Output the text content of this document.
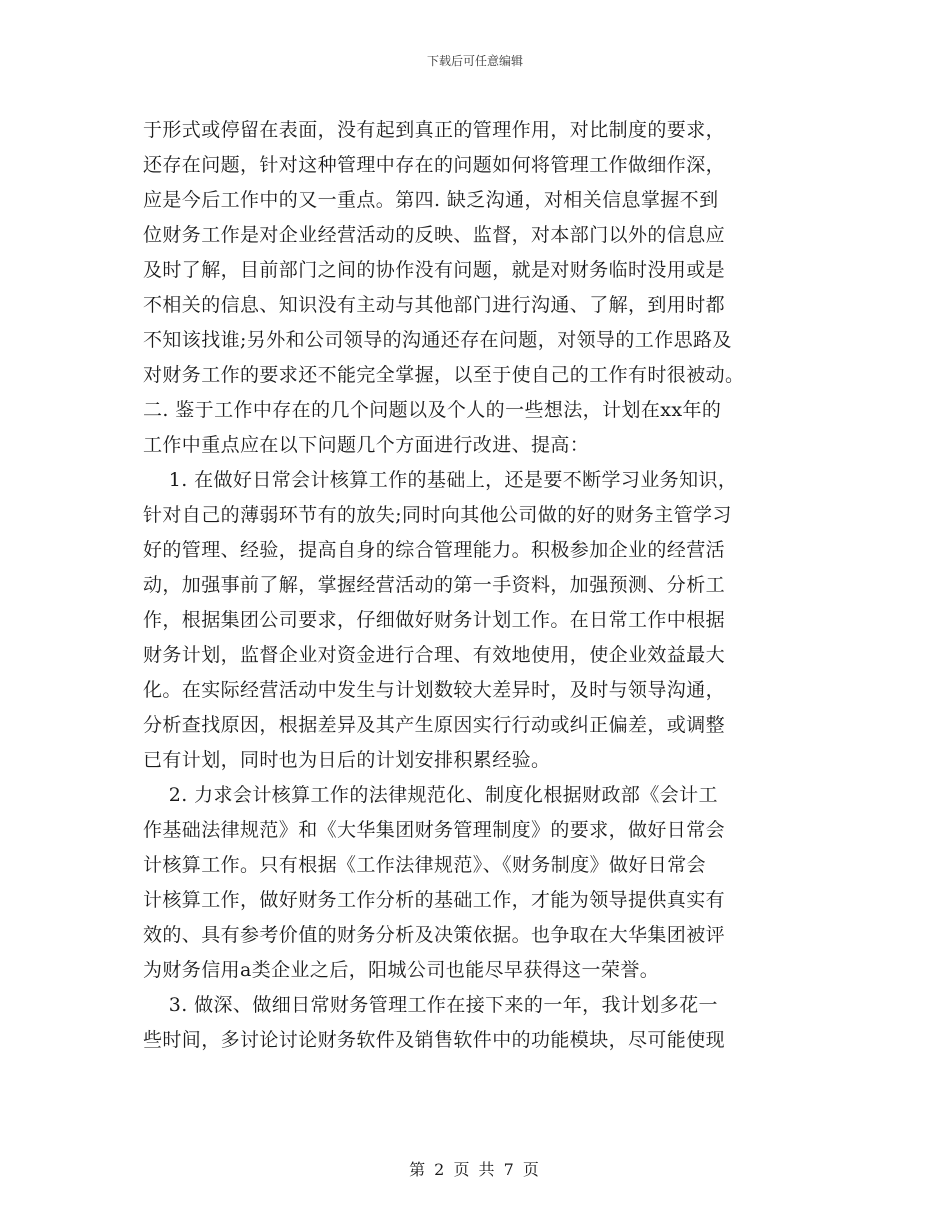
下载后可任意编辑
于形式或停留在表面，没有起到真正的管理作用，对比制度的要求，
还存在问题，针对这种管理中存在的问题如何将管理工作做细作深，
应是今后工作中的又一重点。第四. 缺乏沟通，对相关信息掌握不到
位财务工作是对企业经营活动的反映、监督，对本部门以外的信息应
及时了解，目前部门之间的协作没有问题，就是对财务临时没用或是
不相关的信息、知识没有主动与其他部门进行沟通、了解，到用时都
不知该找谁;另外和公司领导的沟通还存在问题，对领导的工作思路及
对财务工作的要求还不能完全掌握，以至于使自己的工作有时很被动。
二. 鉴于工作中存在的几个问题以及个人的一些想法，计划在xx年的
工作中重点应在以下问题几个方面进行改进、提高：
1. 在做好日常会计核算工作的基础上，还是要不断学习业务知识，
针对自己的薄弱环节有的放失;同时向其他公司做的好的财务主管学习
好的管理、经验，提高自身的综合管理能力。积极参加企业的经营活
动，加强事前了解，掌握经营活动的第一手资料，加强预测、分析工
作，根据集团公司要求，仔细做好财务计划工作。在日常工作中根据
财务计划，监督企业对资金进行合理、有效地使用，使企业效益最大
化。在实际经营活动中发生与计划数较大差异时，及时与领导沟通，
分析查找原因，根据差异及其产生原因实行行动或纠正偏差，或调整
已有计划，同时也为日后的计划安排积累经验。
2. 力求会计核算工作的法律规范化、制度化根据财政部《会计工
作基础法律规范》和《大华集团财务管理制度》的要求，做好日常会
计核算工作。只有根据《工作法律规范》、《财务制度》做好日常会
计核算工作，做好财务工作分析的基础工作，才能为领导提供真实有
效的、具有参考价值的财务分析及决策依据。也争取在大华集团被评
为财务信用a类企业之后，阳城公司也能尽早获得这一荣誉。
3. 做深、做细日常财务管理工作在接下来的一年，我计划多花一
些时间，多讨论讨论财务软件及销售软件中的功能模块，尽可能使现
第 2 页 共 7 页
